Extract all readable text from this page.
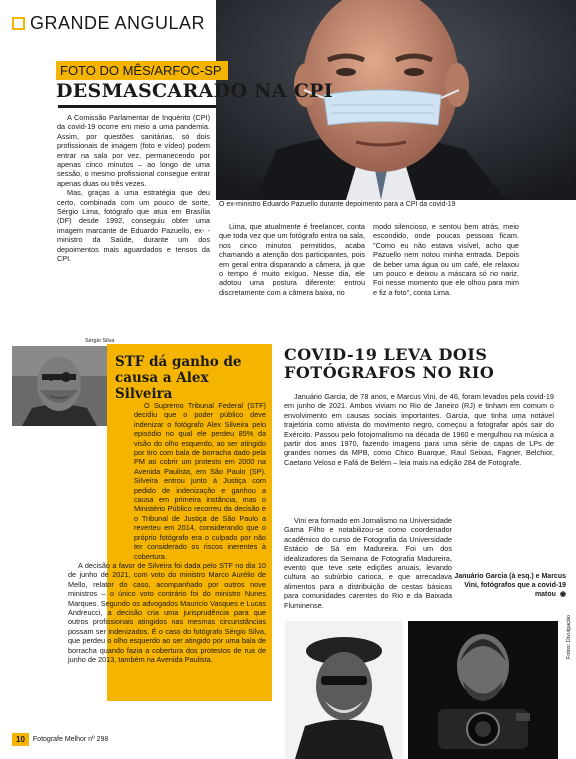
GRANDE ANGULAR
Sérgio Lima
FOTO DO MÊS/ARFOC-SP
DESMASCARADO NA CPI
O ex-ministro Eduardo Pazuello durante depoimento para a CPI da covid-19

A Comissão Parlamentar de Inquérito (CPI) da covid-19 ocorre em meio a uma pandemia. Assim, por questões sanitárias, só dois profissionais de imagem (foto e vídeo) podem entrar na sala por vez, permanecendo por apenas cinco minutos – ao longo de uma sessão, o mesmo profissional consegue entrar apenas duas ou três vezes.

Mas, graças a uma estratégia que deu certo, combinada com um pouco de sorte, Sérgio Lima, fotógrafo que atua em Brasília (DF) desde 1992, conseguiu obter uma imagem marcante de Eduardo Pazuello, ex- -ministro da Saúde, durante um dos depoimentos mais aguardados e tensos da CPI.

Lima, que atualmente é freelancer, conta que toda vez que um fotógrafo entra na sala, nos cinco minutos permitidos, acaba chamando a atenção dos participantes, pois em geral entra disparando a câmera, já que o tempo é muito exíguo. Nesse dia, ele adotou uma postura diferente: entrou discretamente com a câmera baixa, no

modo silencioso, e sentou bem atrás, meio escondido, onde poucas pessoas ficam. "Como eu não estava visível, acho que Pazuello nem notou minha entrada. Depois de beber uma água ou um café, ele relaxou um pouco e deixou a máscara só no nariz. Foi nesse momento que ele olhou para mim e fiz a foto", conta Lima.

Sérgio Silva
STF dá ganho de causa a Alex Silveira

O Supremo Tribunal Federal (STF) decidiu que o poder público deve indenizar o fotógrafo Alex Silveira pelo episódio no qual ele perdeu 85% da visão do olho esquerdo, ao ser atingido por tiro com bala de borracha dado pela PM ao cobrir um protesto em 2000 na Avenida Paulista, em São Paulo (SP). Silveira entrou junto à Justiça com pedido de indenização e ganhou a causa em primeira instância, mas o Ministério Público recorreu da decisão e o Tribunal de Justiça de São Paulo a reverteu em 2014, considerando que o próprio fotógrafo era o culpado por não ter considerado os riscos inerentes à cobertura.

A decisão a favor de Silveira foi dada pelo STF no dia 10 de junho de 2021, com voto do ministro Marco Aurélio de Mello, relator do caso, acompanhado por outros nove ministros – o único voto contrário foi do ministro Nunes Marques. Segundo os advogados Mauricio Vasques e Lucas Andreucci, a decisão cria uma jurisprudência para que outros profissionais atingidos nas mesmas circunstâncias possam ser indenizados. É o caso do fotógrafo Sérgio Silva, que perdeu o olho esquerdo ao ser atingido por uma bala de borracha quando fazia a cobertura dos protestos de rua de junho de 2013, também na Avenida Paulista.

COVID-19 LEVA DOIS FOTÓGRAFOS NO RIO

Januário Garcia, de 78 anos, e Marcus Vini, de 46, foram levados pela covid-19 em junho de 2021. Ambos viviam no Rio de Janeiro (RJ) e tinham em comum o envolvimento em causas sociais importantes. Garcia, que tinha uma notável trajetória como ativista do movimento negro, começou a fotografar após sair do Exército. Passou pelo fotojornalismo na década de 1960 e mergulhou na música a partir dos anos 1970, fazendo imagens para uma série de capas de LPs de grandes nomes da MPB, como Chico Buarque, Raul Seixas, Fagner, Belchior, Caetano Veloso e Fafá de Belém – leia mais na edição 284 de Fotografe.

Vini era formado em Jornalismo na Universidade Gama Filho e notabilizou-se como coordenador acadêmico do curso de Fotografia da Universidade Estácio de Sá em Madureira. Foi um dos idealizadores da Semana de Fotografia Madureira, evento que teve sete edições anuais, levando cultura ao subúrbio carioca, e que arrecadava alimentos para a distribuição de cestas básicas para comunidades carentes do Rio e da Baixada Fluminense.

Januário Garcia (à esq.) e Marcus Vini, fotógrafos que a covid-19 matou ◉
Fotos: Divulgação
10	Fotografe Melhor nº 298
